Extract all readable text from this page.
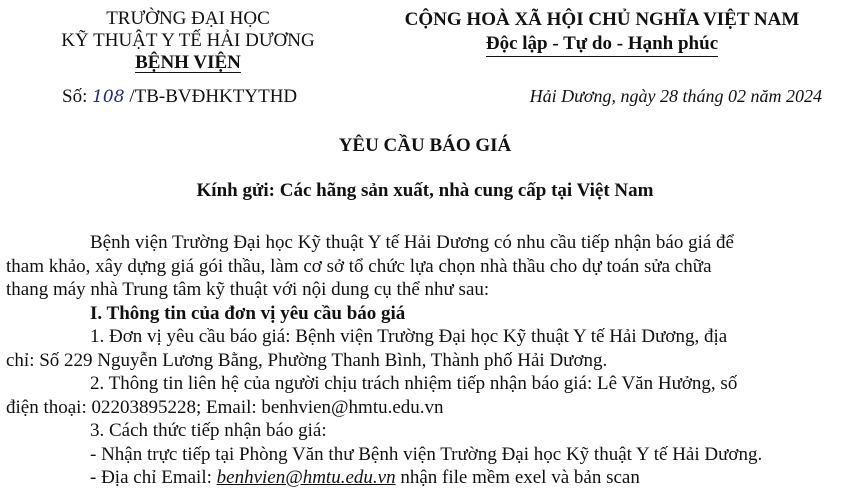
TRƯỜNG ĐẠI HỌC
KỸ THUẬT Y TẾ HẢI DƯƠNG
BỆNH VIỆN
Số: 108 /TB-BVĐHKTYTHD
CỘNG HOÀ XÃ HỘI CHỦ NGHĨA VIỆT NAM
Độc lập - Tự do - Hạnh phúc
Hải Dương, ngày 28 tháng 02 năm 2024
YÊU CẦU BÁO GIÁ
Kính gửi: Các hãng sản xuất, nhà cung cấp tại Việt Nam
Bệnh viện Trường Đại học Kỹ thuật Y tế Hải Dương có nhu cầu tiếp nhận báo giá để
tham khảo, xây dựng giá gói thầu, làm cơ sở tổ chức lựa chọn nhà thầu cho dự toán sửa chữa
thang máy nhà Trung tâm kỹ thuật với nội dung cụ thể như sau:
I. Thông tin của đơn vị yêu cầu báo giá
1. Đơn vị yêu cầu báo giá: Bệnh viện Trường Đại học Kỹ thuật Y tế Hải Dương, địa
chỉ: Số 229 Nguyễn Lương Bằng, Phường Thanh Bình, Thành phố Hải Dương.
2. Thông tin liên hệ của người chịu trách nhiệm tiếp nhận báo giá: Lê Văn Hưởng, số
điện thoại: 02203895228; Email: benhvien@hmtu.edu.vn
3. Cách thức tiếp nhận báo giá:
- Nhận trực tiếp tại Phòng Văn thư Bệnh viện Trường Đại học Kỹ thuật Y tế Hải Dương.
- Địa chỉ Email: benhvien@hmtu.edu.vn nhận file mềm exel và bản scan
